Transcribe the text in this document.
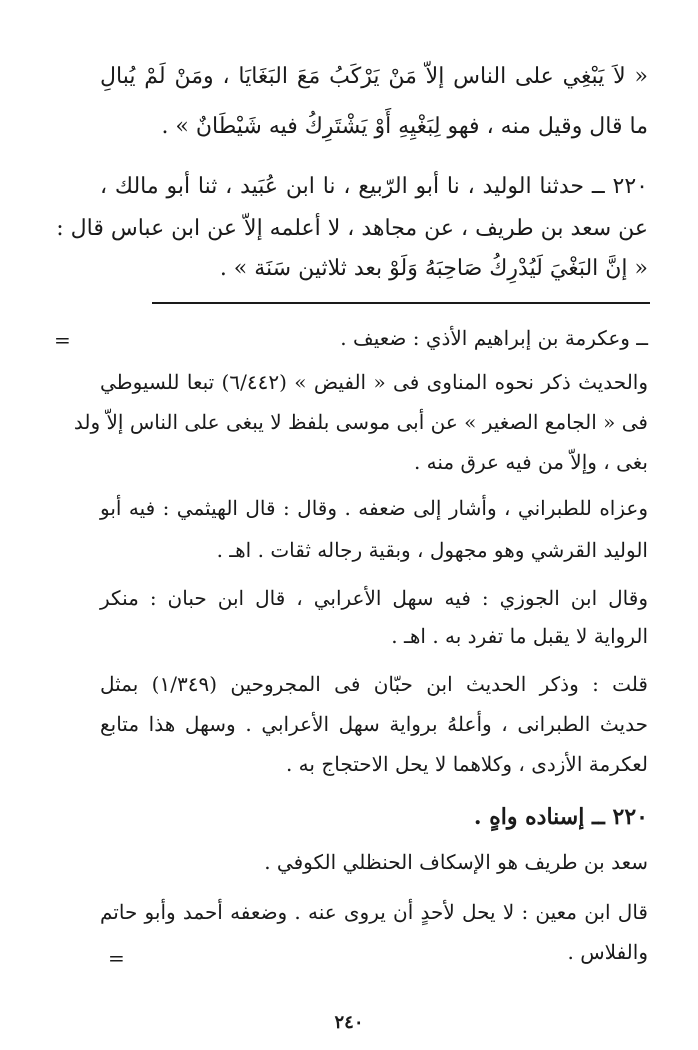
« لاَ يَبْغِي على الناس إلاّ مَنْ يَرْكَبُ مَعَ البَغَايَا ، ومَنْ لَمْ يُبالِ
ما قال وقيل منه ، فهو لِبَغْيِهِ أَوْ يَشْتَرِكُ فيه شَيْطَانٌ » .
٢٢٠ ــ حدثنا الوليد ، نا أبو الرّبيع ، نا ابن عُبَيد ، ثنا أبو مالك ،
عن سعد بن طريف ، عن مجاهد ، لا أعلمه إلاّ عن ابن عباس قال :
« إنَّ البَغْيَ لَيُدْرِكُ صَاحِبَهُ وَلَوْ بعد ثلاثين سَنَة » .
=	ــ وعكرمة بن إبراهيم الأذي : ضعيف .
والحديث ذكر نحوه المناوى فى « الفيض » (٦/٤٤٢) تبعا للسيوطي
فى « الجامع الصغير » عن أبى موسى بلفظ لا يبغى على الناس إلاّ ولد
بغى ، وإلاّ من فيه عرق منه .
وعزاه للطبراني ، وأشار إلى ضعفه . وقال : قال الهيثمي : فيه أبو
الوليد القرشي وهو مجهول ، وبقية رجاله ثقات . اهـ .
وقال ابن الجوزي : فيه سهل الأعرابي ، قال ابن حبان : منكر
الرواية لا يقبل ما تفرد به . اهـ .
قلت : وذكر الحديث ابن حبّان فى المجروحين (١/٣٤٩) بمثل
حديث الطبرانى ، وأعلهُ برواية سهل الأعرابي . وسهل هذا متابع
لعكرمة الأزدى ، وكلاهما لا يحل الاحتجاج به .
٢٢٠ ــ إسناده واهٍ .
سعد بن طريف هو الإسكاف الحنظلي الكوفي .
قال ابن معين : لا يحل لأحدٍ أن يروى عنه . وضعفه أحمد وأبو حاتم
والفلاس .
=
٢٤٠
